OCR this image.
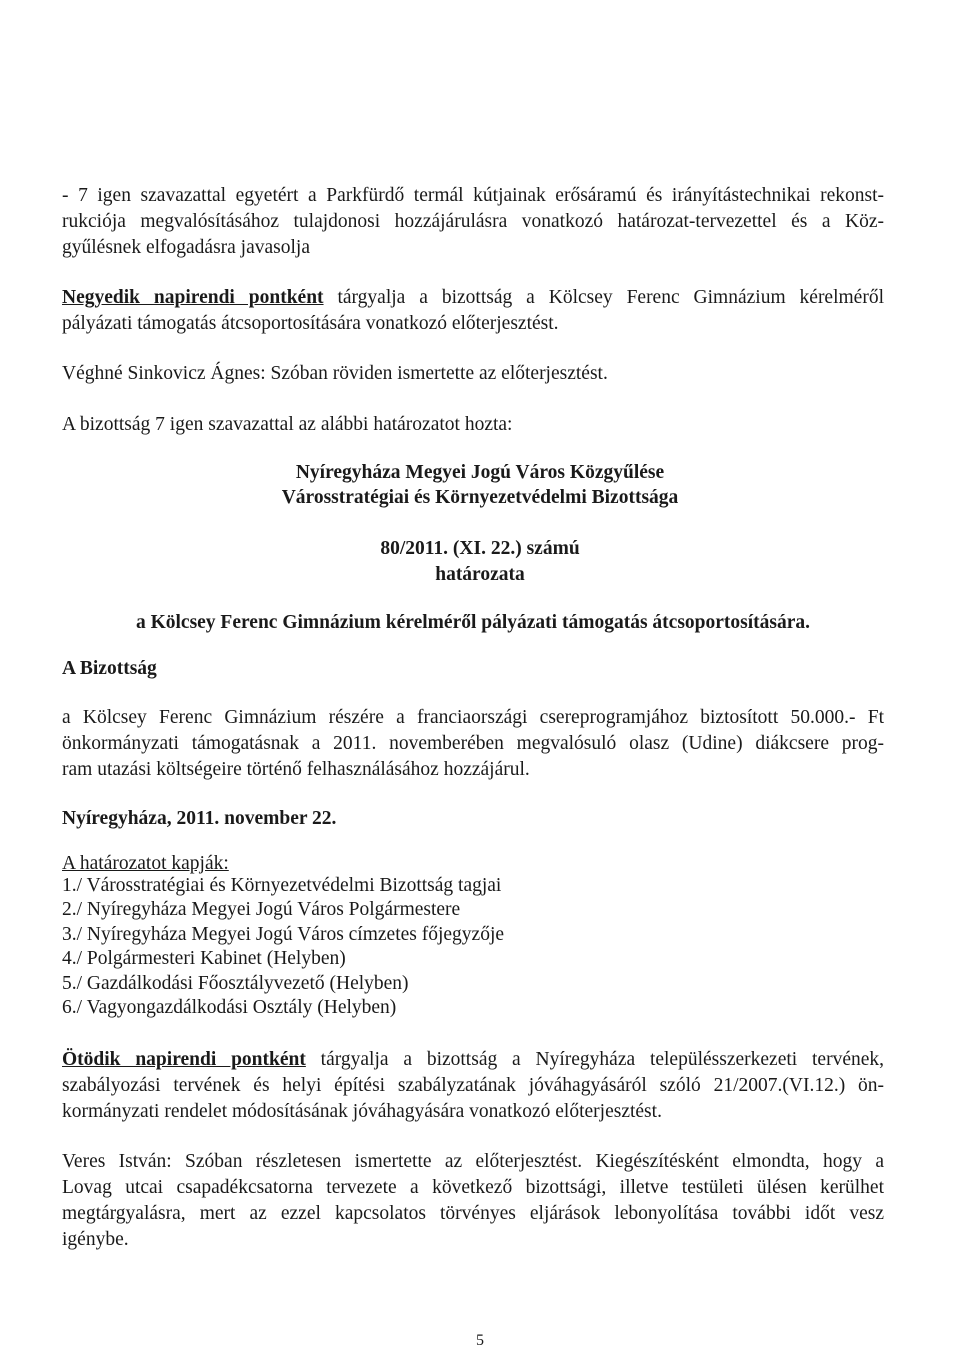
- 7 igen szavazattal egyetért a Parkfürdő termál kútjainak erősáramú és irányítástechnikai rekonst-
rukciója megvalósításához tulajdonosi hozzájárulásra vonatkozó határozat-tervezettel és a Köz-
gyűlésnek elfogadásra javasolja
Negyedik napirendi pontként tárgyalja a bizottság a Kölcsey Ferenc Gimnázium kérelméről
pályázati támogatás átcsoportosítására vonatkozó előterjesztést.
Véghné Sinkovicz Ágnes: Szóban röviden ismertette az előterjesztést.
A bizottság 7 igen szavazattal az alábbi határozatot hozta:
Nyíregyháza Megyei Jogú Város Közgyűlése
Városstratégiai és Környezetvédelmi Bizottsága
80/2011. (XI. 22.) számú
határozata
a Kölcsey Ferenc Gimnázium kérelméről pályázati támogatás átcsoportosítására.
A Bizottság
a Kölcsey Ferenc Gimnázium részére a franciaországi csereprogramjához biztosított 50.000.- Ft
önkormányzati támogatásnak a 2011. novemberében megvalósuló olasz (Udine) diákcsere prog-
ram utazási költségeire történő felhasználásához hozzájárul.
Nyíregyháza, 2011. november 22.
A határozatot kapják:
1./ Városstratégiai és Környezetvédelmi Bizottság tagjai
2./ Nyíregyháza Megyei Jogú Város Polgármestere
3./ Nyíregyháza Megyei Jogú Város címzetes főjegyzője
4./ Polgármesteri Kabinet (Helyben)
5./ Gazdálkodási Főosztályvezető (Helyben)
6./ Vagyongazdálkodási Osztály (Helyben)
Ötödik napirendi pontként tárgyalja a bizottság a Nyíregyháza településszerkezeti tervének,
szabályozási tervének és helyi építési szabályzatának jóváhagyásáról szóló 21/2007.(VI.12.) ön-
kormányzati rendelet módosításának jóváhagyására vonatkozó előterjesztést.
Veres István: Szóban részletesen ismertette az előterjesztést. Kiegészítésként elmondta, hogy a
Lovag utcai csapadékcsatorna tervezete a következő bizottsági, illetve testületi ülésen kerülhet
megtárgyalásra, mert az ezzel kapcsolatos törvényes eljárások lebonyolítása további időt vesz
igénybe.
5
